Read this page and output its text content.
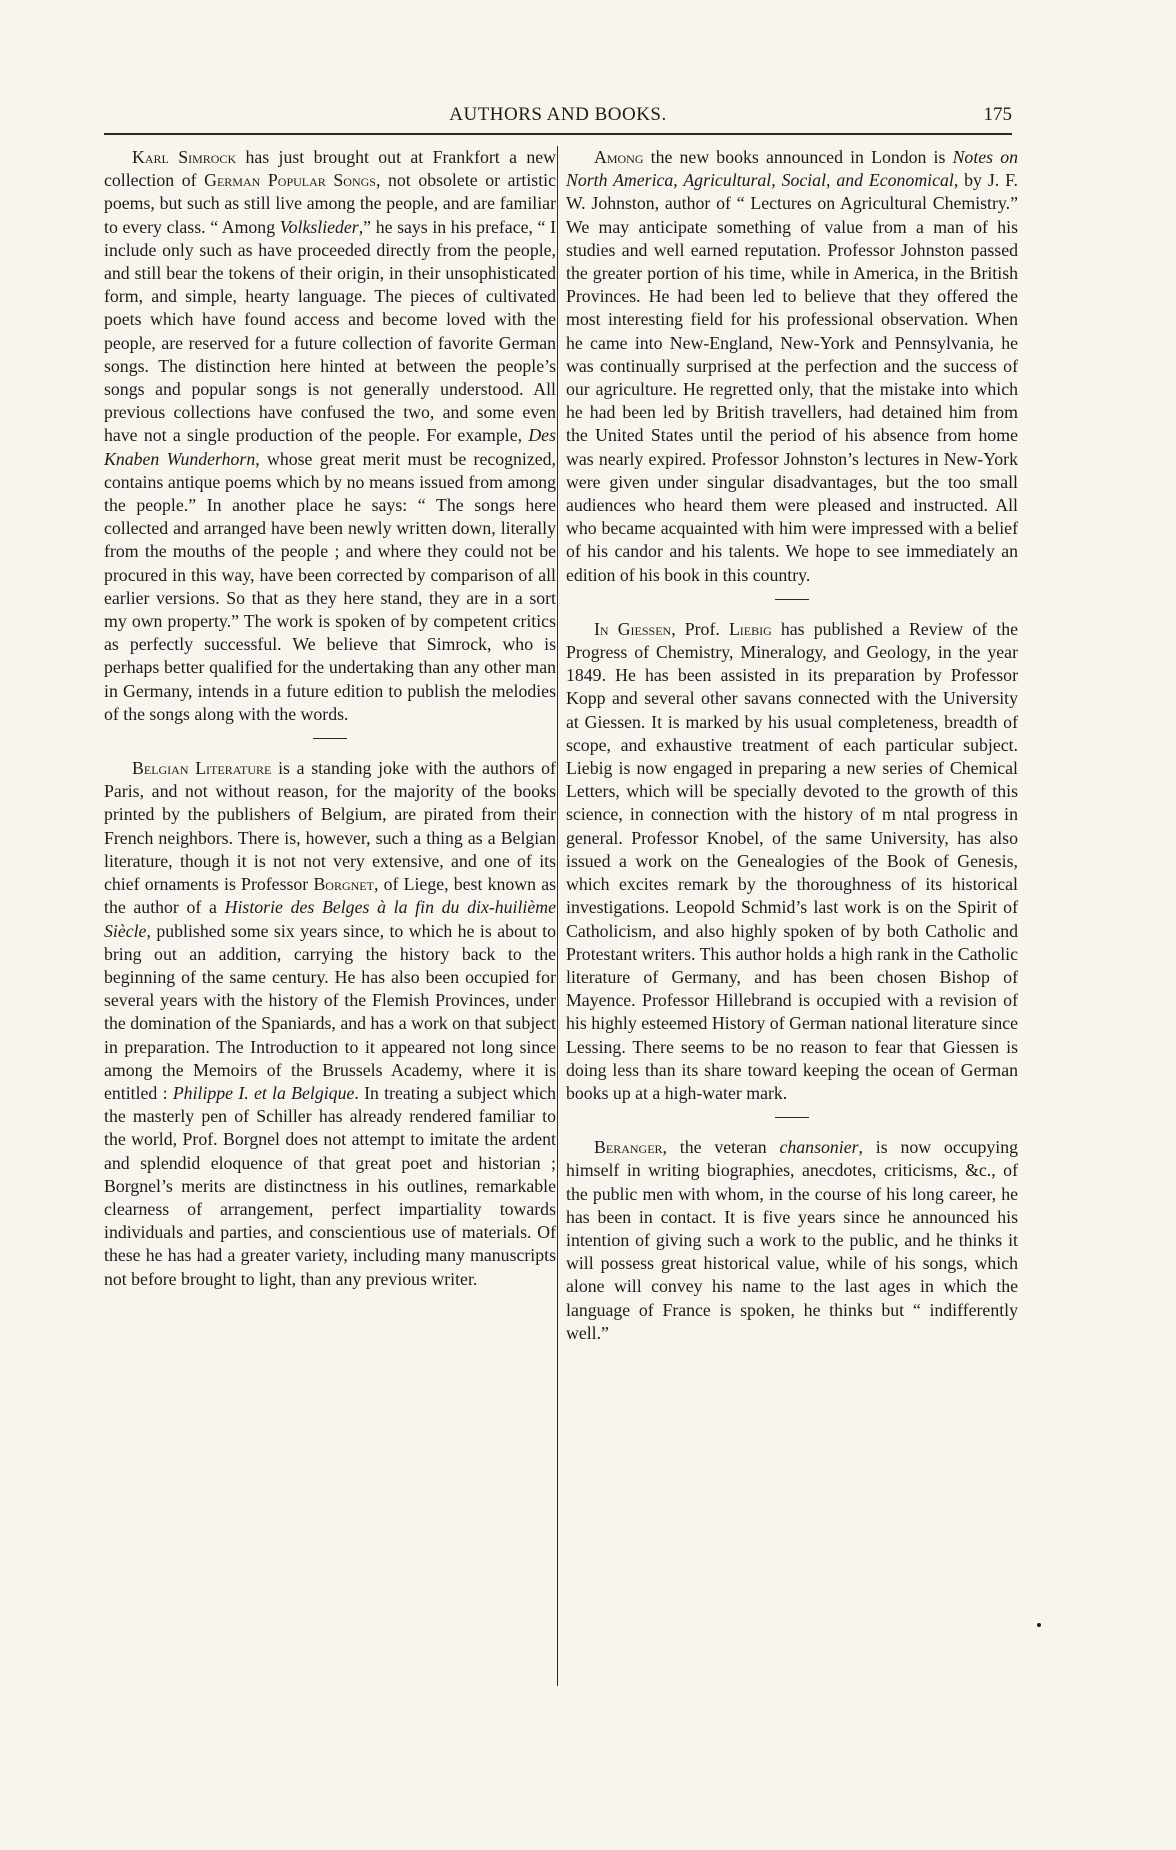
AUTHORS AND BOOKS.	175

Karl Simrock has just brought out at Frankfort a new collection of German Popular Songs, not obsolete or artistic poems, but such as still live among the people, and are familiar to every class. “ Among Volkslieder,” he says in his preface, “ I include only such as have proceeded directly from the people, and still bear the tokens of their origin, in their unsophisticated form, and simple, hearty language. The pieces of cultivated poets which have found access and become loved with the people, are reserved for a future collection of favorite German songs. The distinction here hinted at between the people’s songs and popular songs is not generally understood. All previous collections have confused the two, and some even have not a single production of the people. For example, Des Knaben Wunderhorn, whose great merit must be recognized, contains antique poems which by no means issued from among the people.” In another place he says: “ The songs here collected and arranged have been newly written down, literally from the mouths of the people ; and where they could not be procured in this way, have been corrected by comparison of all earlier versions. So that as they here stand, they are in a sort my own property.” The work is spoken of by competent critics as perfectly successful. We believe that Simrock, who is perhaps better qualified for the undertaking than any other man in Germany, intends in a future edition to publish the melodies of the songs along with the words.

Belgian Literature is a standing joke with the authors of Paris, and not without reason, for the majority of the books printed by the publishers of Belgium, are pirated from their French neighbors. There is, however, such a thing as a Belgian literature, though it is not not very extensive, and one of its chief ornaments is Professor Borgnet, of Liege, best known as the author of a Historie des Belges à la fin du dix-huilième Siècle, published some six years since, to which he is about to bring out an addition, carrying the history back to the beginning of the same century. He has also been occupied for several years with the history of the Flemish Provinces, under the domination of the Spaniards, and has a work on that subject in preparation. The Introduction to it appeared not long since among the Memoirs of the Brussels Academy, where it is entitled : Philippe I. et la Belgique. In treating a subject which the masterly pen of Schiller has already rendered familiar to the world, Prof. Borgnel does not attempt to imitate the ardent and splendid eloquence of that great poet and historian ; Borgnel’s merits are distinctness in his outlines, remarkable clearness of arrangement, perfect impartiality towards individuals and parties, and conscientious use of materials. Of these he has had a greater variety, including many manuscripts not before brought to light, than any previous writer.

Among the new books announced in London is Notes on North America, Agricultural, Social, and Economical, by J. F. W. Johnston, author of “ Lectures on Agricultural Chemistry.” We may anticipate something of value from a man of his studies and well earned reputation. Professor Johnston passed the greater portion of his time, while in America, in the British Provinces. He had been led to believe that they offered the most interesting field for his professional observation. When he came into New-England, New-York and Pennsylvania, he was continually surprised at the perfection and the success of our agriculture. He regretted only, that the mistake into which he had been led by British travellers, had detained him from the United States until the period of his absence from home was nearly expired. Professor Johnston’s lectures in New-York were given under singular disadvantages, but the too small audiences who heard them were pleased and instructed. All who became acquainted with him were impressed with a belief of his candor and his talents. We hope to see immediately an edition of his book in this country.

In Giessen, Prof. Liebig has published a Review of the Progress of Chemistry, Mineralogy, and Geology, in the year 1849. He has been assisted in its preparation by Professor Kopp and several other savans connected with the University at Giessen. It is marked by his usual completeness, breadth of scope, and exhaustive treatment of each particular subject. Liebig is now engaged in preparing a new series of Chemical Letters, which will be specially devoted to the growth of this science, in connection with the history of m ntal progress in general. Professor Knobel, of the same University, has also issued a work on the Genealogies of the Book of Genesis, which excites remark by the thoroughness of its historical investigations. Leopold Schmid’s last work is on the Spirit of Catholicism, and also highly spoken of by both Catholic and Protestant writers. This author holds a high rank in the Catholic literature of Germany, and has been chosen Bishop of Mayence. Professor Hillebrand is occupied with a revision of his highly esteemed History of German national literature since Lessing. There seems to be no reason to fear that Giessen is doing less than its share toward keeping the ocean of German books up at a high-water mark.

Beranger, the veteran chansonier, is now occupying himself in writing biographies, anecdotes, criticisms, &c., of the public men with whom, in the course of his long career, he has been in contact. It is five years since he announced his intention of giving such a work to the public, and he thinks it will possess great historical value, while of his songs, which alone will convey his name to the last ages in which the language of France is spoken, he thinks but “ indifferently well.”
